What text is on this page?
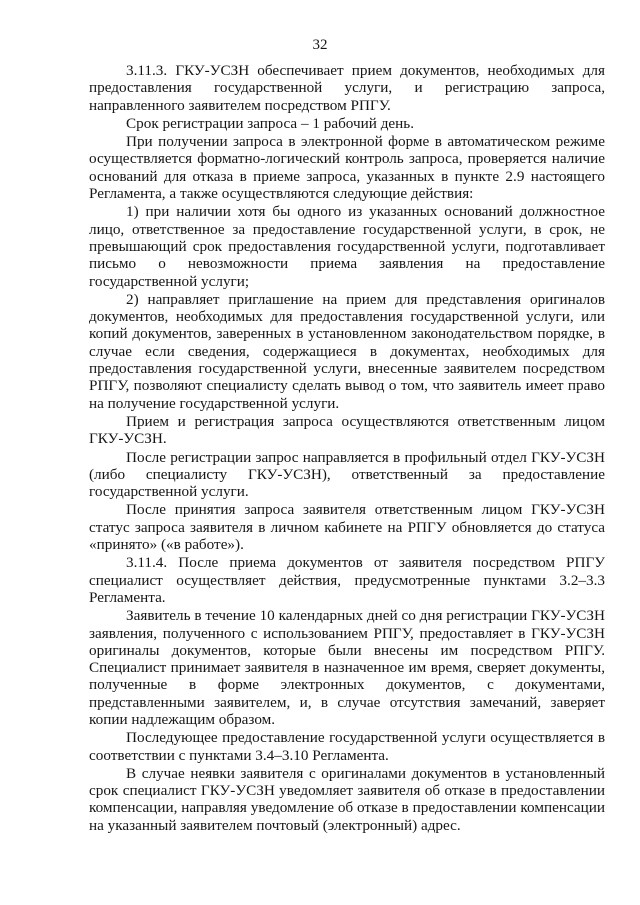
32

3.11.3. ГКУ-УСЗН обеспечивает прием документов, необходимых для предоставления государственной услуги, и регистрацию запроса, направленного заявителем посредством РПГУ.

Срок регистрации запроса – 1 рабочий день.

При получении запроса в электронной форме в автоматическом режиме осуществляется форматно-логический контроль запроса, проверяется наличие оснований для отказа в приеме запроса, указанных в пункте 2.9 настоящего Регламента, а также осуществляются следующие действия:

1) при наличии хотя бы одного из указанных оснований должностное лицо, ответственное за предоставление государственной услуги, в срок, не превышающий срок предоставления государственной услуги, подготавливает письмо о невозможности приема заявления на предоставление государственной услуги;

2) направляет приглашение на прием для представления оригиналов документов, необходимых для предоставления государственной услуги, или копий документов, заверенных в установленном законодательством порядке, в случае если сведения, содержащиеся в документах, необходимых для предоставления государственной услуги, внесенные заявителем посредством РПГУ, позволяют специалисту сделать вывод о том, что заявитель имеет право на получение государственной услуги.

Прием и регистрация запроса осуществляются ответственным лицом ГКУ-УСЗН.

После регистрации запрос направляется в профильный отдел ГКУ-УСЗН (либо специалисту ГКУ-УСЗН), ответственный за предоставление государственной услуги.

После принятия запроса заявителя ответственным лицом ГКУ-УСЗН статус запроса заявителя в личном кабинете на РПГУ обновляется до статуса «принято» («в работе»).

3.11.4. После приема документов от заявителя посредством РПГУ специалист осуществляет действия, предусмотренные пунктами 3.2–3.3 Регламента.

Заявитель в течение 10 календарных дней со дня регистрации ГКУ-УСЗН заявления, полученного с использованием РПГУ, предоставляет в ГКУ-УСЗН оригиналы документов, которые были внесены им посредством РПГУ. Специалист принимает заявителя в назначенное им время, сверяет документы, полученные в форме электронных документов, с документами, представленными заявителем, и, в случае отсутствия замечаний, заверяет копии надлежащим образом.

Последующее предоставление государственной услуги осуществляется в соответствии с пунктами 3.4–3.10 Регламента.

В случае неявки заявителя с оригиналами документов в установленный срок специалист ГКУ-УСЗН уведомляет заявителя об отказе в предоставлении компенсации, направляя уведомление об отказе в предоставлении компенсации на указанный заявителем почтовый (электронный) адрес.
